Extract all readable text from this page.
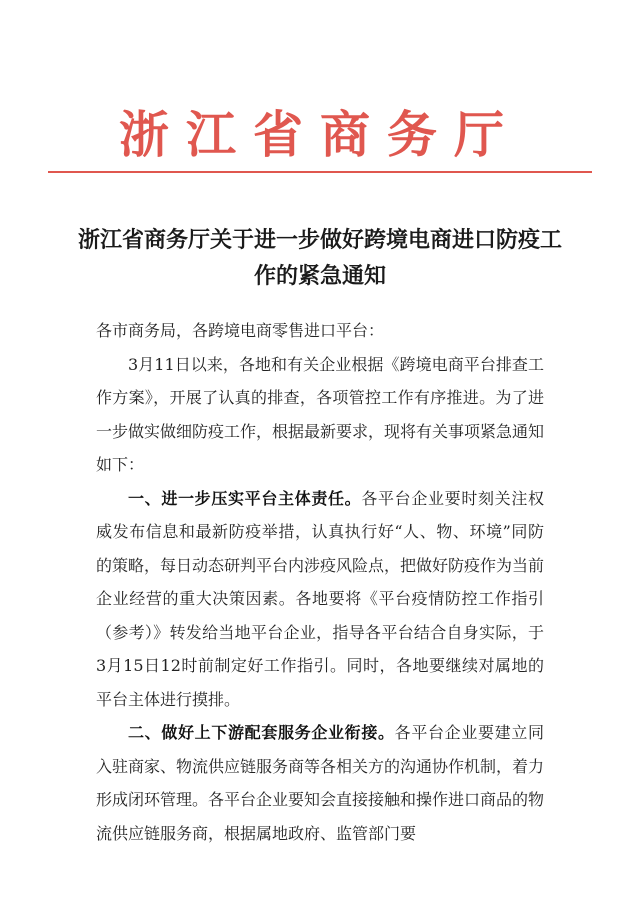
浙江省商务厅
浙江省商务厅关于进一步做好跨境电商进口防疫工作的紧急通知

各市商务局，各跨境电商零售进口平台：

3月11日以来，各地和有关企业根据《跨境电商平台排查工作方案》，开展了认真的排查，各项管控工作有序推进。为了进一步做实做细防疫工作，根据最新要求，现将有关事项紧急通知如下：

一、进一步压实平台主体责任。各平台企业要时刻关注权威发布信息和最新防疫举措，认真执行好“人、物、环境”同防的策略，每日动态研判平台内涉疫风险点，把做好防疫作为当前企业经营的重大决策因素。各地要将《平台疫情防控工作指引（参考）》转发给当地平台企业，指导各平台结合自身实际，于3月15日12时前制定好工作指引。同时，各地要继续对属地的平台主体进行摸排。

二、做好上下游配套服务企业衔接。各平台企业要建立同入驻商家、物流供应链服务商等各相关方的沟通协作机制，着力形成闭环管理。各平台企业要知会直接接触和操作进口商品的物流供应链服务商，根据属地政府、监管部门要
